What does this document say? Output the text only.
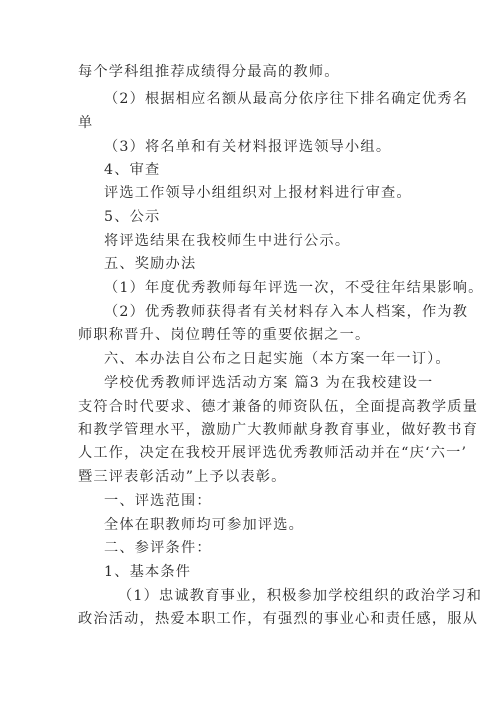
每个学科组推荐成绩得分最高的教师。
（2）根据相应名额从最高分依序往下排名确定优秀名
单
（3）将名单和有关材料报评选领导小组。
4、审查
评选工作领导小组组织对上报材料进行审查。
5、公示
将评选结果在我校师生中进行公示。
五、奖励办法
（1）年度优秀教师每年评选一次，不受往年结果影响。
（2）优秀教师获得者有关材料存入本人档案，作为教
师职称晋升、岗位聘任等的重要依据之一。
六、本办法自公布之日起实施（本方案一年一订）。
学校优秀教师评选活动方案 篇3 为在我校建设一
支符合时代要求、德才兼备的师资队伍，全面提高教学质量
和教学管理水平，激励广大教师献身教育事业，做好教书育
人工作，决定在我校开展评选优秀教师活动并在“庆‘六一’
暨三评表彰活动”上予以表彰。
一、评选范围：
全体在职教师均可参加评选。
二、参评条件：
1、基本条件
（1）忠诚教育事业，积极参加学校组织的政治学习和
政治活动，热爱本职工作，有强烈的事业心和责任感，服从
